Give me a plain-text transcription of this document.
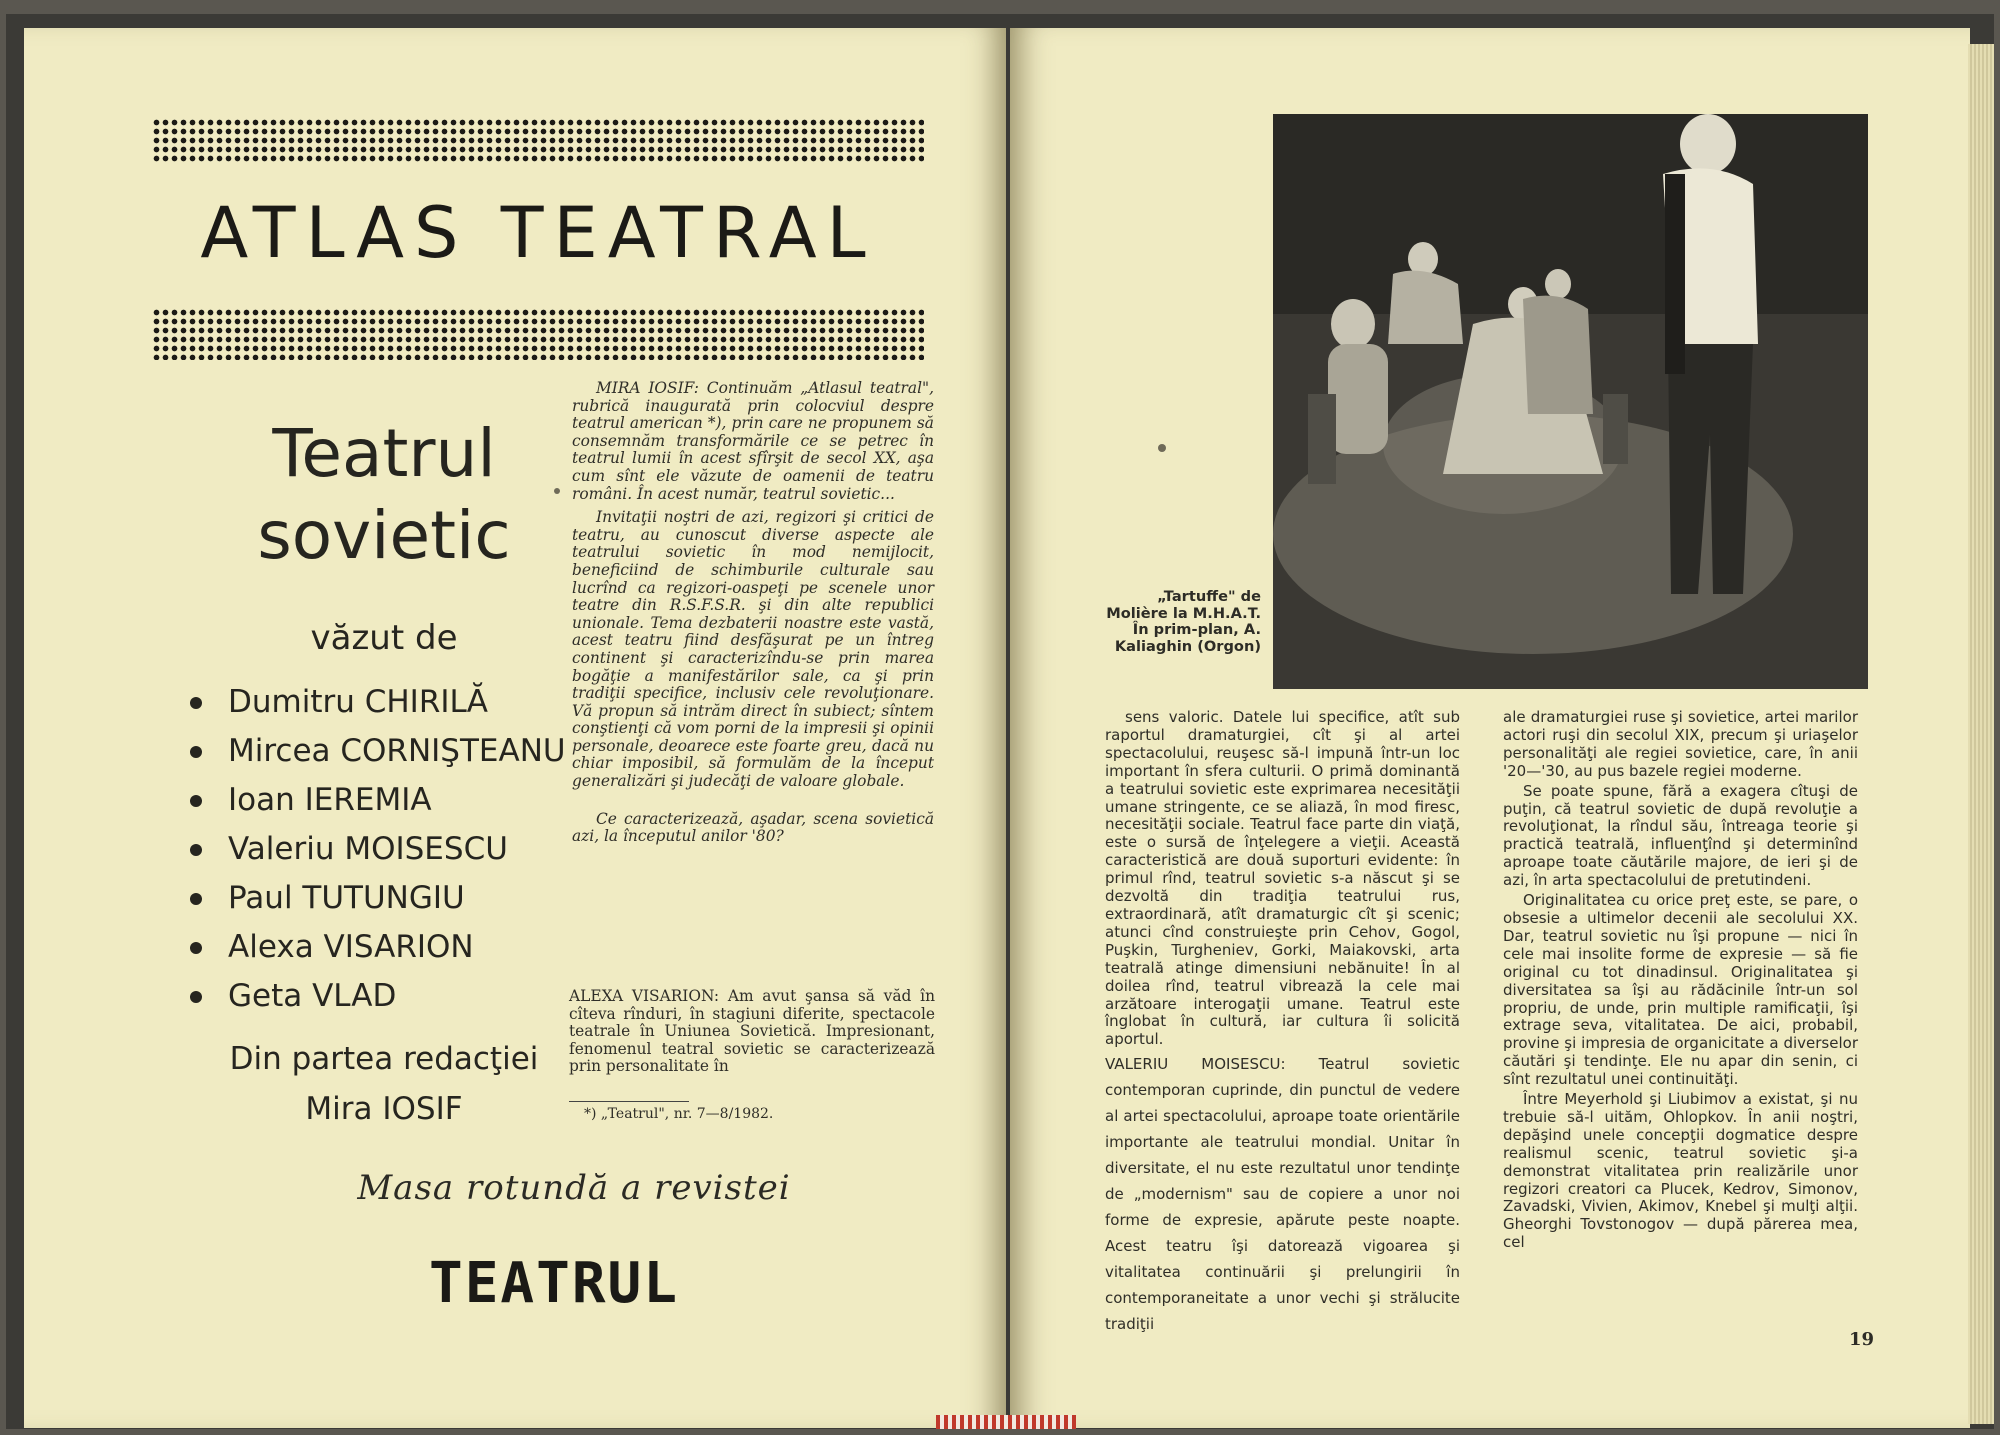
ATLAS TEATRAL
Teatrul
sovietic
văzut de
Dumitru CHIRILĂ
Mircea CORNIŞTEANU
Ioan IEREMIA
Valeriu MOISESCU
Paul TUTUNGIU
Alexa VISARION
Geta VLAD
Din partea redacţiei
Mira IOSIF

MIRA IOSIF: Continuăm „Atlasul teatral", rubrică inaugurată prin colocviul despre teatrul american *), prin care ne propunem să consemnăm transformările ce se petrec în teatrul lumii în acest sfîrşit de secol XX, aşa cum sînt ele văzute de oamenii de teatru români. În acest număr, teatrul sovietic...

Invitaţii noştri de azi, regizori şi critici de teatru, au cunoscut diverse aspecte ale teatrului sovietic în mod nemijlocit, beneficiind de schimburile culturale sau lucrînd ca regizori-oaspeţi pe scenele unor teatre din R.S.F.S.R. şi din alte republici unionale. Tema dezbaterii noastre este vastă, acest teatru fiind desfăşurat pe un întreg continent şi caracterizîndu-se prin marea bogăţie a manifestărilor sale, ca şi prin tradiţii specifice, inclusiv cele revoluţionare. Vă propun să intrăm direct în subiect; sîntem conştienţi că vom porni de la impresii şi opinii personale, deoarece este foarte greu, dacă nu chiar imposibil, să formulăm de la început generalizări şi judecăţi de valoare globale.

Ce caracterizează, aşadar, scena sovietică azi, la începutul anilor '80?

ALEXA VISARION: Am avut şansa să văd în cîteva rînduri, în stagiuni diferite, spectacole teatrale în Uniunea Sovietică. Impresionant, fenomenul teatral sovietic se caracterizează prin personalitate în
*) „Teatrul", nr. 7—8/1982.
Masa rotundă a revistei
TEATRUL
„Tartuffe" de Molière la M.H.A.T. În prim-plan, A. Kaliaghin (Orgon)

sens valoric. Datele lui specifice, atît sub raportul dramaturgiei, cît şi al artei spectacolului, reuşesc să-l impună într-un loc important în sfera culturii. O primă dominantă a teatrului sovietic este exprimarea necesităţii umane stringente, ce se aliază, în mod firesc, necesităţii sociale. Teatrul face parte din viaţă, este o sursă de înţelegere a vieţii. Această caracteristică are două suporturi evidente: în primul rînd, teatrul sovietic s-a născut şi se dezvoltă din tradiţia teatrului rus, extraordinară, atît dramaturgic cît şi scenic; atunci cînd construieşte prin Cehov, Gogol, Puşkin, Turgheniev, Gorki, Maiakovski, arta teatrală atinge dimensiuni nebănuite! În al doilea rînd, teatrul vibrează la cele mai arzătoare interogaţii umane. Teatrul este înglobat în cultură, iar cultura îi solicită aportul.

VALERIU MOISESCU: Teatrul sovietic contemporan cuprinde, din punctul de vedere al artei spectacolului, aproape toate orientările importante ale teatrului mondial. Unitar în diversitate, el nu este rezultatul unor tendinţe de „modernism" sau de copiere a unor noi forme de expresie, apărute peste noapte. Acest teatru îşi datorează vigoarea şi vitalitatea continuării şi prelungirii în contemporaneitate a unor vechi şi strălucite tradiţii

ale dramaturgiei ruse şi sovietice, artei marilor actori ruşi din secolul XIX, precum şi uriaşelor personalităţi ale regiei sovietice, care, în anii '20—'30, au pus bazele regiei moderne.

Se poate spune, fără a exagera cîtuşi de puţin, că teatrul sovietic de după revoluţie a revoluţionat, la rîndul său, întreaga teorie şi practică teatrală, influenţînd şi determinînd aproape toate căutările majore, de ieri şi de azi, în arta spectacolului de pretutindeni.

Originalitatea cu orice preţ este, se pare, o obsesie a ultimelor decenii ale secolului XX. Dar, teatrul sovietic nu îşi propune — nici în cele mai insolite forme de expresie — să fie original cu tot dinadinsul. Originalitatea şi diversitatea sa îşi au rădăcinile într-un sol propriu, de unde, prin multiple ramificaţii, îşi extrage seva, vitalitatea. De aici, probabil, provine şi impresia de organicitate a diverselor căutări şi tendinţe. Ele nu apar din senin, ci sînt rezultatul unei continuităţi.

Între Meyerhold şi Liubimov a existat, şi nu trebuie să-l uităm, Ohlopkov. În anii noştri, depăşind unele concepţii dogmatice despre realismul scenic, teatrul sovietic şi-a demonstrat vitalitatea prin realizările unor regizori creatori ca Plucek, Kedrov, Simonov, Zavadski, Vivien, Akimov, Knebel şi mulţi alţii. Gheorghi Tovstonogov — după părerea mea, cel

19
